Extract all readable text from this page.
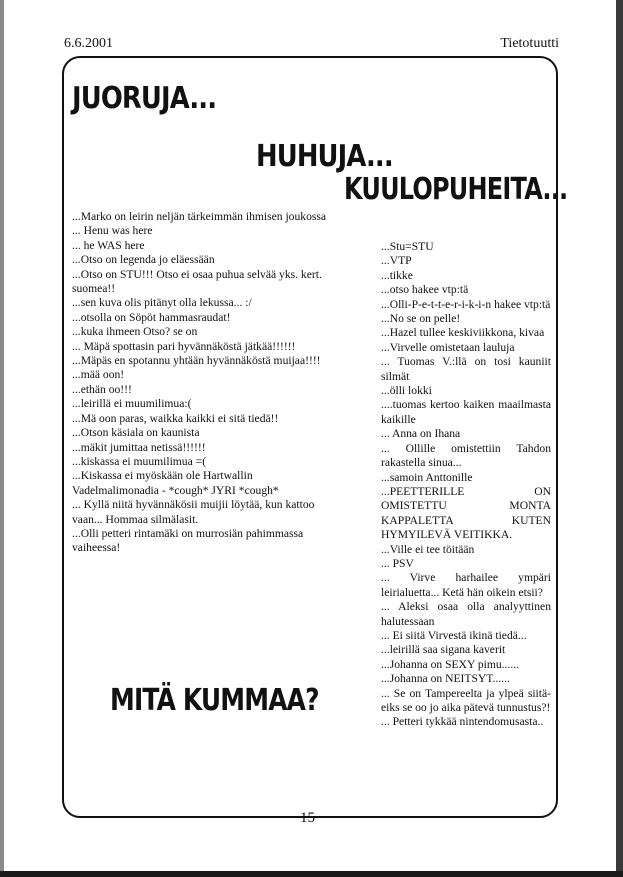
6.6.2001	Tietotuutti
JUORUJA...
HUHUJA...
KUULOPUHEITA...
MITÄ KUMMAA?
...Marko on leirin neljän tärkeimmän ihmisen joukossa
... Henu was here
... he WAS here
...Otso on legenda jo eläessään
...Otso on STU!!! Otso ei osaa puhua selvää yks. kert. suomea!!
...sen kuva olis pitänyt olla lekussa... :/
...otsolla on Söpöt hammasraudat!
...kuka ihmeen Otso? se on
... Mäpä spottasin pari hyvännäköstä jätkää!!!!!!
...Mäpäs en spotannu yhtään hyvännäköstä muijaa!!!!
...mää oon!
...ethän oo!!!
...leirillä ei muumilimua:(
...Mä oon paras, waikka kaikki ei sitä tiedä!!
...Otson käsiala on kaunista
...mäkit jumittaa netissä!!!!!!
...kiskassa ei muumilimua =(
...Kiskassa ei myöskään ole Hartwallin Vadelmalimonadia - *cough* JYRI *cough*
... Kyllä niitä hyvännäkösii muijii löytää, kun kattoo vaan... Hommaa silmälasit.
...Olli petteri rintamäki on murrosiän pahimmassa vaiheessa!
...Stu=STU
...VTP
...tikke
...otso hakee vtp:tä
...Olli-P-e-t-t-e-r-i-k-i-n hakee vtp:tä
...No se on pelle!
...Hazel tullee keskiviikkona, kivaa
...Virvelle omistetaan lauluja
... Tuomas V.:llä on tosi kauniit silmät
...ölli lokki
....tuomas kertoo kaiken maailmasta kaikille
... Anna on Ihana
... Ollille omistettiin Tahdon rakastella sinua...
...samoin Anttonille
...PEETTERILLE ON OMISTETTU MONTA KAPPALETTA KUTEN HYMYILEVÄ VEITIKKA.
...Ville ei tee töitään
... PSV
... Virve harhailee ympäri leirialuetta... Ketä hän oikein etsii?
... Aleksi osaa olla analyyttinen halutessaan
... Ei siitä Virvestä ikinä tiedä...
...leirillä saa sigana kaverit
...Johanna on SEXY pimu......
...Johanna on NEITSYT......
... Se on Tampereelta ja ylpeä siitä- eiks se oo jo aika pätevä tunnustus?!
... Petteri tykkää nintendomusasta..
15
